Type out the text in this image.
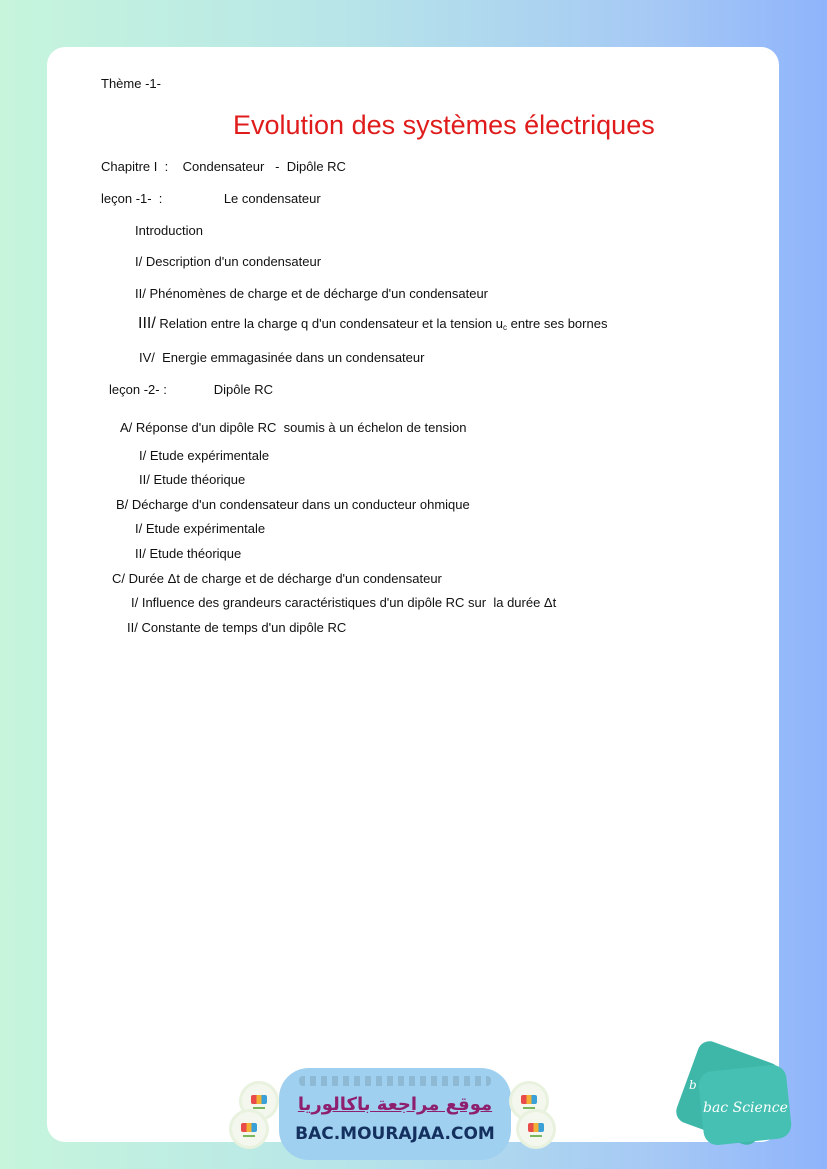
Thème -1-
Evolution des systèmes électriques
Chapitre I  :    Condensateur   -  Dipôle RC
leçon -1-  :                 Le condensateur
Introduction
I/ Description d'un condensateur
II/ Phénomènes de charge et de décharge d'un condensateur
III/ Relation entre la charge q d'un condensateur et la tension $u_c$ entre ses bornes
IV/  Energie emmagasinée dans un condensateur
leçon -2- :             Dipôle RC
A/ Réponse d'un dipôle RC  soumis à un échelon de tension
I/ Etude expérimentale
II/ Etude théorique
B/ Décharge d'un condensateur dans un conducteur ohmique
I/ Etude expérimentale
II/ Etude théorique
C/ Durée Δt de charge et de décharge d'un condensateur
I/ Influence des grandeurs caractéristiques d'un dipôle RC sur  la durée Δt
II/ Constante de temps d'un dipôle RC
موقع مراجعة باكالوريا
BAC.MOURAJAA.COM
b
bac Science
